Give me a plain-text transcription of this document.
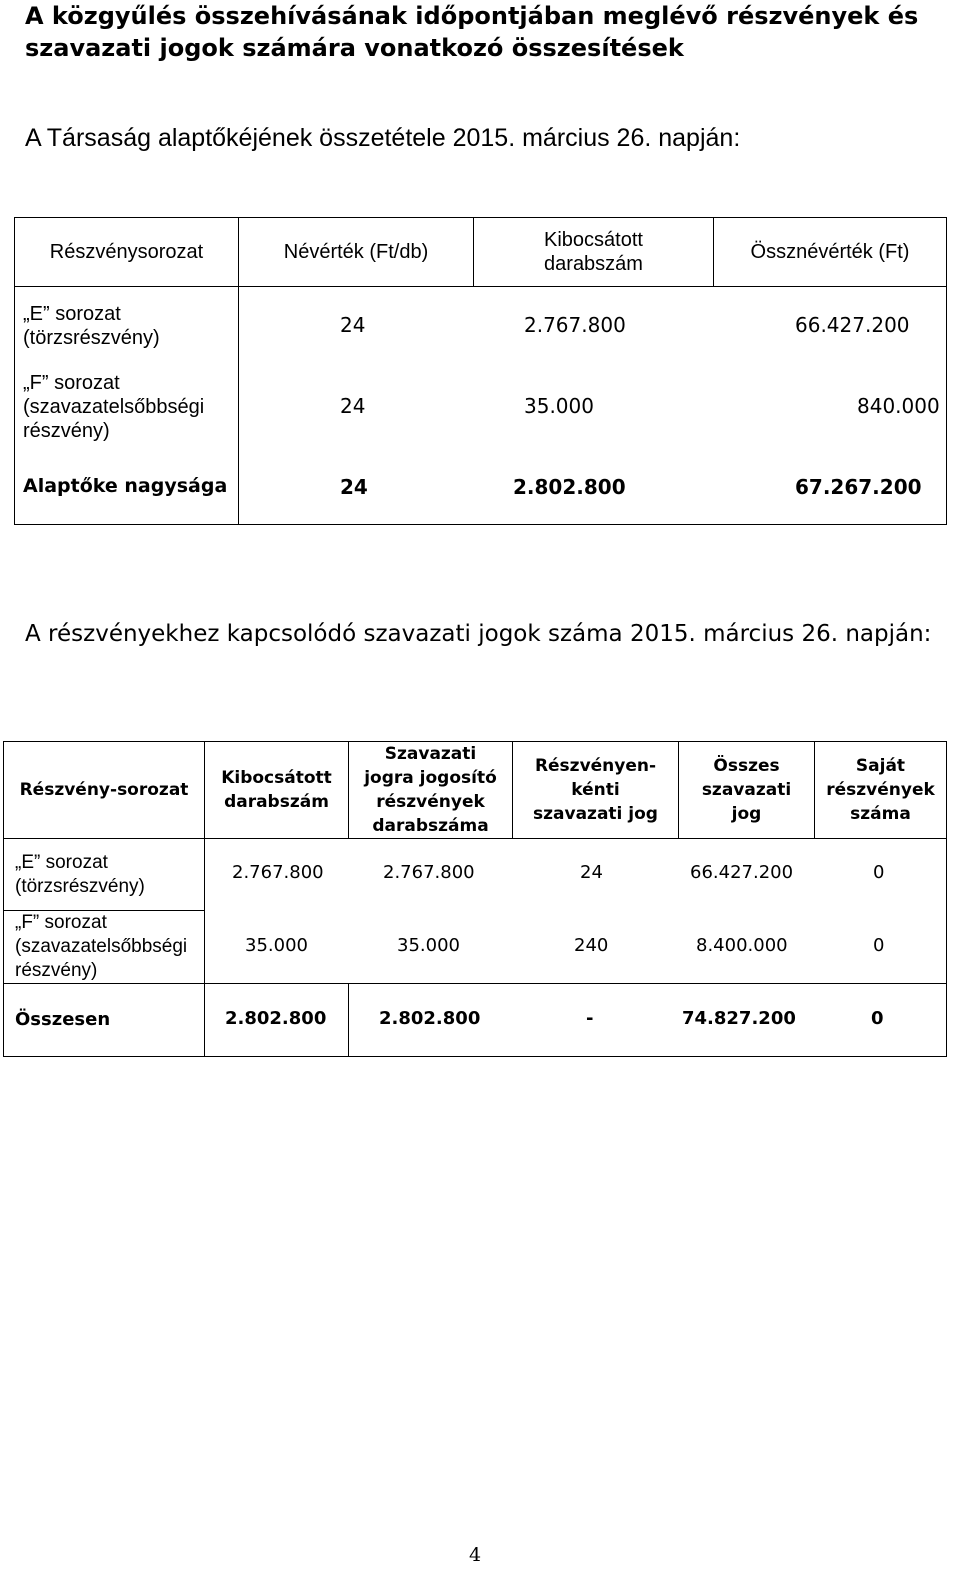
A közgyűlés összehívásának időpontjában meglévő részvények és szavazati jogok számára vonatkozó összesítések

A Társaság alaptőkéjének összetétele 2015. március 26. napján:

Részvénysorozat	Névérték (Ft/db)	Kibocsátott darabszám	Össznévérték (Ft)
„E” sorozat (törzsrészvény)	24 2.767.800 66.427.200		

„F” sorozat (szavazatelsőbbségi részvény)	24 35.000 840.000		

Alaptőke nagysága	24 2.802.800 67.267.200		

A részvényekhez kapcsolódó szavazati jogok száma 2015. március 26. napján:

Részvény-sorozat	Kibocsátott darabszám	Szavazati jogra jogosító részvények darabszáma	Részvényen-kénti szavazati jog	Összes szavazati jog	Saját részvények száma
„E” sorozat (törzsrészvény)	2.767.800 2.767.800 24 66.427.200 0				

„F” sorozat (szavazatelsőbbségi részvény)	35.000 35.000 240 8.400.000 0				

Összesen	2.802.800	2.802.800 - 74.827.200 0			
4
